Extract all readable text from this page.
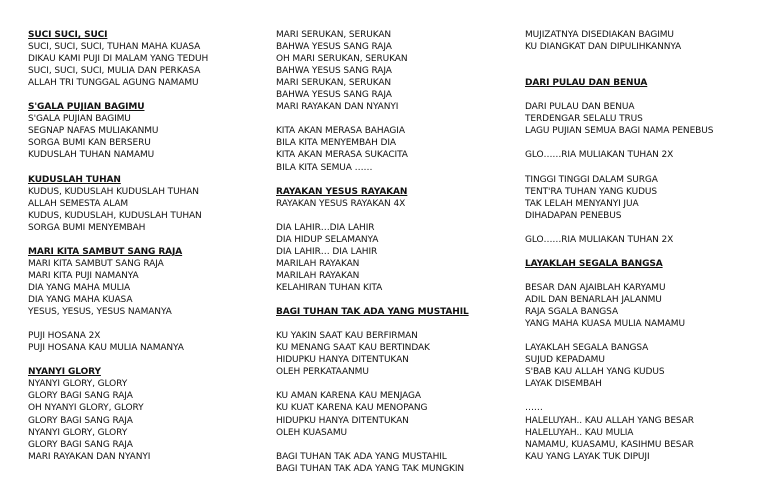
SUCI SUCI, SUCI
SUCI, SUCI, SUCI, TUHAN MAHA KUASA
DIKAU KAMI PUJI DI MALAM YANG TEDUH
SUCI, SUCI, SUCI, MULIA DAN PERKASA
ALLAH TRI TUNGGAL AGUNG NAMAMU
S'GALA PUJIAN BAGIMU
S'GALA PUJIAN BAGIMU
SEGNAP NAFAS MULIAKANMU
SORGA BUMI KAN BERSERU
KUDUSLAH TUHAN NAMAMU
KUDUSLAH TUHAN
KUDUS, KUDUSLAH KUDUSLAH TUHAN
ALLAH SEMESTA ALAM
KUDUS, KUDUSLAH, KUDUSLAH TUHAN
SORGA BUMI MENYEMBAH
MARI KITA SAMBUT SANG RAJA
MARI KITA SAMBUT SANG RAJA
MARI KITA PUJI NAMANYA
DIA YANG MAHA MULIA
DIA YANG MAHA KUASA
YESUS, YESUS, YESUS NAMANYA
PUJI HOSANA 2X
PUJI HOSANA KAU MULIA NAMANYA
NYANYI GLORY
NYANYI GLORY, GLORY
GLORY BAGI SANG RAJA
OH NYANYI GLORY, GLORY
GLORY BAGI SANG RAJA
NYANYI GLORY, GLORY
GLORY BAGI SANG RAJA
MARI RAYAKAN DAN NYANYI
MARI SERUKAN, SERUKAN
BAHWA YESUS SANG RAJA
OH MARI SERUKAN, SERUKAN
BAHWA YESUS SANG RAJA
MARI SERUKAN, SERUKAN
BAHWA YESUS SANG RAJA
MARI RAYAKAN DAN NYANYI
KITA AKAN MERASA BAHAGIA
BILA KITA MENYEMBAH DIA
KITA AKAN MERASA SUKACITA
BILA KITA SEMUA ……
RAYAKAN YESUS RAYAKAN
RAYAKAN YESUS RAYAKAN 4X
DIA LAHIR…DIA LAHIR
DIA HIDUP SELAMANYA
DIA LAHIR… DIA LAHIR
MARILAH RAYAKAN
MARILAH RAYAKAN
KELAHIRAN TUHAN KITA
BAGI TUHAN TAK ADA YANG MUSTAHIL
KU YAKIN SAAT KAU BERFIRMAN
KU MENANG SAAT KAU BERTINDAK
HIDUPKU HANYA DITENTUKAN
OLEH PERKATAANMU
KU AMAN KARENA KAU MENJAGA
KU KUAT KARENA KAU MENOPANG
HIDUPKU HANYA DITENTUKAN
OLEH KUASAMU
BAGI TUHAN TAK ADA YANG MUSTAHIL
BAGI TUHAN TAK ADA YANG TAK MUNGKIN
MUJIZATNYA DISEDIAKAN BAGIMU
KU DIANGKAT DAN DIPULIHKANNYA
DARI PULAU DAN BENUA
DARI PULAU DAN BENUA
TERDENGAR SELALU TRUS
LAGU PUJIAN SEMUA BAGI NAMA PENEBUS
GLO……RIA MULIAKAN TUHAN 2X
TINGGI TINGGI DALAM SURGA
TENT'RA TUHAN YANG KUDUS
TAK LELAH MENYANYI JUA
DIHADAPAN PENEBUS
GLO……RIA MULIAKAN TUHAN 2X
LAYAKLAH SEGALA BANGSA
BESAR DAN AJAIBLAH KARYAMU
ADIL DAN BENARLAH JALANMU
RAJA SGALA BANGSA
YANG MAHA KUASA MULIA NAMAMU
LAYAKLAH SEGALA BANGSA
SUJUD KEPADAMU
S'BAB KAU ALLAH YANG KUDUS
LAYAK DISEMBAH
……
HALELUYAH.. KAU ALLAH YANG BESAR
HALELUYAH.. KAU MULIA
NAMAMU, KUASAMU, KASIHMU BESAR
KAU YANG LAYAK TUK DIPUJI
